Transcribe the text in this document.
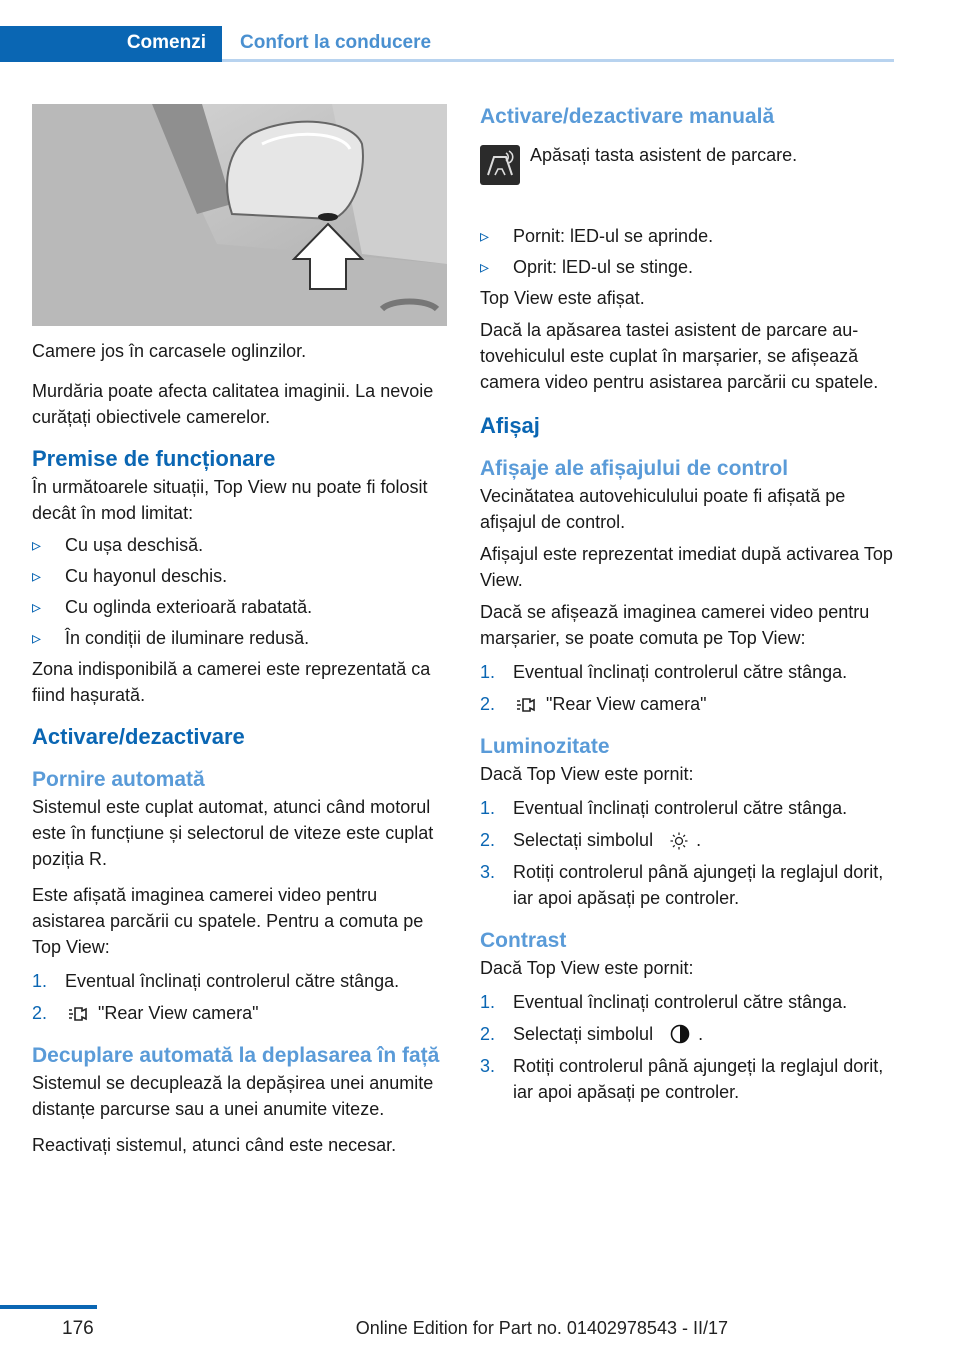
Comenzi Confort la conducere

Camere jos în carcasele oglinzilor.

Murdăria poate afecta calitatea imaginii. La nevoie curățați obiectivele camerelor.

Premise de funcționare

În următoarele situații, Top View nu poate fi folosit decât în mod limitat:

▹ Cu ușa deschisă.
▹ Cu hayonul deschis.
▹ Cu oglinda exterioară rabatată.
▹ În condiții de iluminare redusă.

Zona indisponibilă a camerei este reprezentată ca fiind hașurată.

Activare/dezactivare
Pornire automată

Sistemul este cuplat automat, atunci când motorul este în funcțiune și selectorul de viteze este cuplat poziția R.

Este afișată imaginea camerei video pentru asistarea parcării cu spatele. Pentru a comuta pe Top View:

1. Eventual înclinați controlerul către stânga.
2.	"Rear View camera"
Decuplare automată la deplasarea în față

Sistemul se decuplează la depășirea unei anumite distanțe parcurse sau a unei anumite viteze.

Reactivați sistemul, atunci când este necesar.

Activare/dezactivare manuală

Apăsați tasta asistent de parcare.

▹ Pornit: lED-ul se aprinde.
▹ Oprit: lED-ul se stinge.

Top View este afișat.

Dacă la apăsarea tastei asistent de parcare autovehiculul este cuplat în marșarier, se afișează camera video pentru asistarea parcării cu spatele.

Afișaj
Afișaje ale afișajului de control

Vecinătatea autovehiculului poate fi afișată pe afișajul de control.

Afișajul este reprezentat imediat după activarea Top View.

Dacă se afișează imaginea camerei video pentru marșarier, se poate comuta pe Top View:

1. Eventual înclinați controlerul către stânga.
2.	"Rear View camera"
Luminozitate

Dacă Top View este pornit:

1. Eventual înclinați controlerul către stânga.
2. Selectați simbolul .
3. Rotiți controlerul până ajungeți la reglajul dorit, iar apoi apăsați pe controler.
Contrast

Dacă Top View este pornit:

1. Eventual înclinați controlerul către stânga.
2. Selectați simbolul	.
3. Rotiți controlerul până ajungeți la reglajul dorit, iar apoi apăsați pe controler.
176	Online Edition for Part no. 01402978543 - II/17
